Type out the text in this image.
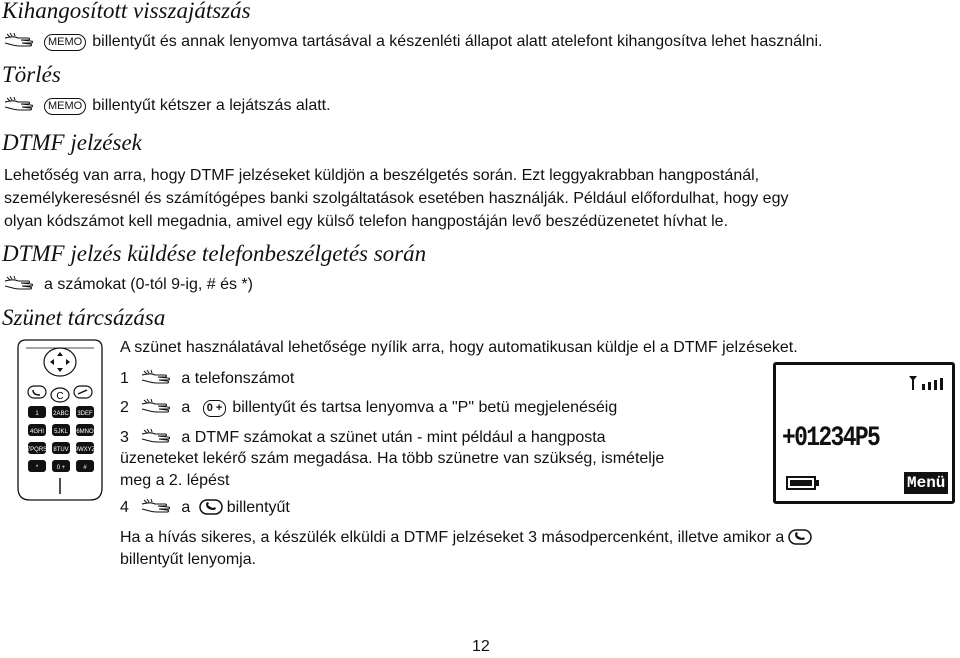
Kihangosított visszajátszás
MEMO billentyűt és annak lenyomva tartásával a készenléti állapot alatt atelefont kihangosítva lehet használni.
Törlés
MEMO billentyűt kétszer a lejátszás alatt.
DTMF jelzések
Lehetőség van arra, hogy DTMF jelzéseket küldjön a beszélgetés során. Ezt leggyakrabban hangpostánál,
személykeresésnél és számítógépes banki szolgáltatások esetében használják. Például előfordulhat, hogy egy
olyan kódszámot kell megadnia, amivel egy külső telefon hangpostáján levő beszédüzenetet hívhat le.
DTMF jelzés küldése telefonbeszélgetés során
a számokat (0-tól 9-ig, # és *)
Szünet tárcsázása
C
1 2ABC 3DEF
4GHI 5JKL 6MNO
7PQRS 8TUV 9WXYZ
*	0 +	#
A szünet használatával lehetősége nyílik arra, hogy automatikusan küldje el a DTMF jelzéseket.
1	a telefonszámot
2	a 0 + billentyűt és tartsa lenyomva a "P" betü megjelenéséig
3	a DTMF számokat a szünet után - mint például a hangposta
üzeneteket lekérő szám megadása. Ha több szünetre van szükség, ismételje
meg a 2. lépést
4	a billentyűt
Ha a hívás sikeres, a készülék elküldi a DTMF jelzéseket 3 másodpercenként, illetve amikor a
billentyűt lenyomja.
+01234P5
Menü
12
